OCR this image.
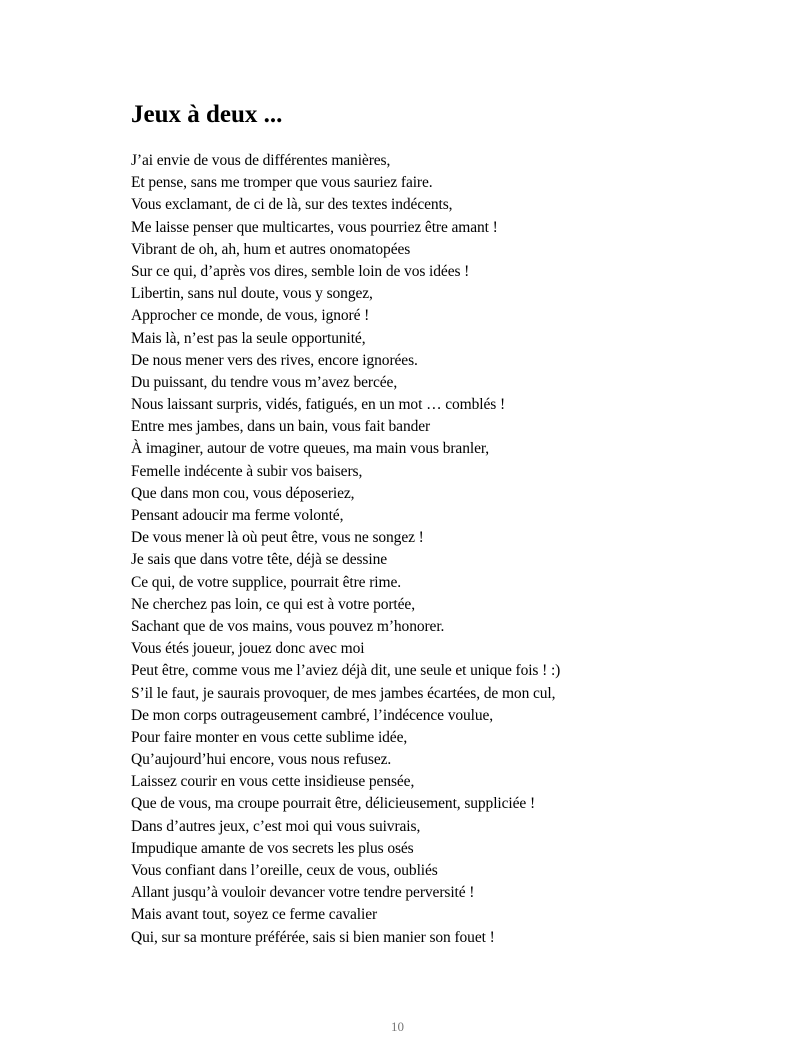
Jeux à deux ...
J’ai envie de vous de différentes manières,
Et pense, sans me tromper que vous sauriez faire.
Vous exclamant, de ci de là, sur des textes indécents,
Me laisse penser que multicartes, vous pourriez être amant !
Vibrant de oh, ah, hum et autres onomatopées
Sur ce qui, d’après vos dires, semble loin de vos idées !
Libertin, sans nul doute, vous y songez,
Approcher ce monde, de vous, ignoré !
Mais là, n’est pas la seule opportunité,
De nous mener vers des rives, encore ignorées.
Du puissant, du tendre vous m’avez bercée,
Nous laissant surpris, vidés, fatigués, en un mot … comblés !
Entre mes jambes, dans un bain, vous fait bander
À imaginer, autour de votre queues, ma main vous branler,
Femelle indécente à subir vos baisers,
Que dans mon cou, vous déposeriez,
Pensant adoucir ma ferme volonté,
De vous mener là où peut être, vous ne songez !
Je sais que dans votre tête, déjà se dessine
Ce qui, de votre supplice, pourrait être rime.
Ne cherchez pas loin, ce qui est à votre portée,
Sachant que de vos mains, vous pouvez m’honorer.
Vous étés joueur, jouez donc avec moi
Peut être, comme vous me l’aviez déjà dit, une seule et unique fois ! :)
S’il le faut, je saurais provoquer, de mes jambes écartées, de mon cul,
De mon corps outrageusement cambré, l’indécence voulue,
Pour faire monter en vous cette sublime idée,
Qu’aujourd’hui encore, vous nous refusez.
Laissez courir en vous cette insidieuse pensée,
Que de vous, ma croupe pourrait être, délicieusement, suppliciée !
Dans d’autres jeux, c’est moi qui vous suivrais,
Impudique amante de vos secrets les plus osés
Vous confiant dans l’oreille, ceux de vous, oubliés
Allant jusqu’à vouloir devancer votre tendre perversité !
Mais avant tout, soyez ce ferme cavalier
Qui, sur sa monture préférée, sais si bien manier son fouet !
10
